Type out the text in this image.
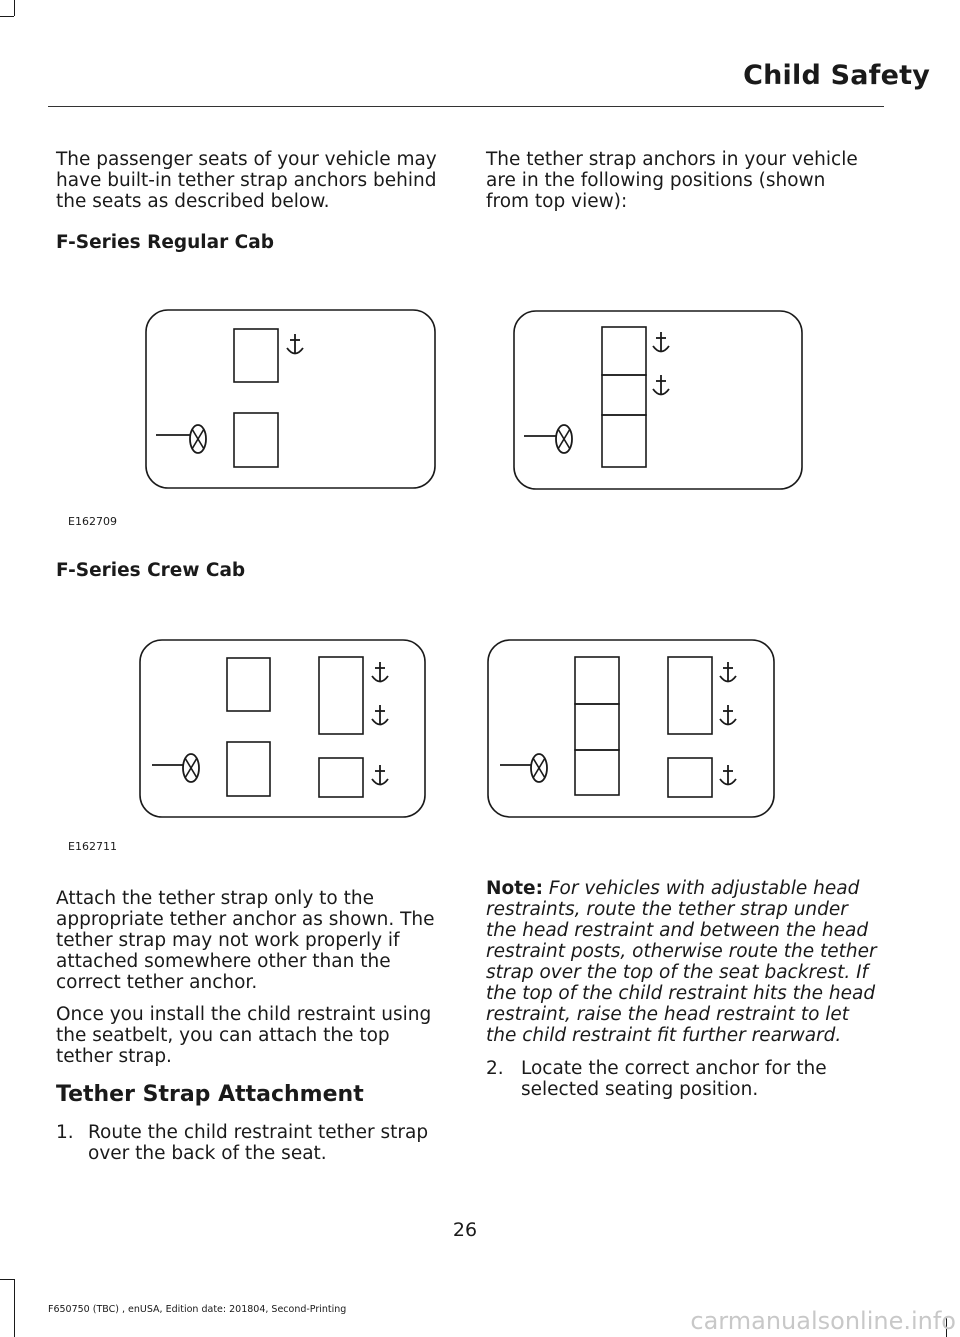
Child Safety

The passenger seats of your vehicle may have built-in tether strap anchors behind the seats as described below.

The tether strap anchors in your vehicle are in the following positions (shown from top view):

F-Series Regular Cab

E162709

F-Series Crew Cab

E162711

Attach the tether strap only to the appropriate tether anchor as shown. The tether strap may not work properly if attached somewhere other than the correct tether anchor.

Once you install the child restraint using the seatbelt, you can attach the top tether strap.

Tether Strap Attachment

1. Route the child restraint tether strap over the back of the seat.

Note: For vehicles with adjustable head restraints, route the tether strap under the head restraint and between the head restraint posts, otherwise route the tether strap over the top of the seat backrest. If the top of the child restraint hits the head restraint, raise the head restraint to let the child restraint fit further rearward.

2. Locate the correct anchor for the selected seating position.
26
F650750 (TBC) , enUSA, Edition date: 201804, Second-Printing	carmanualsonline.info
